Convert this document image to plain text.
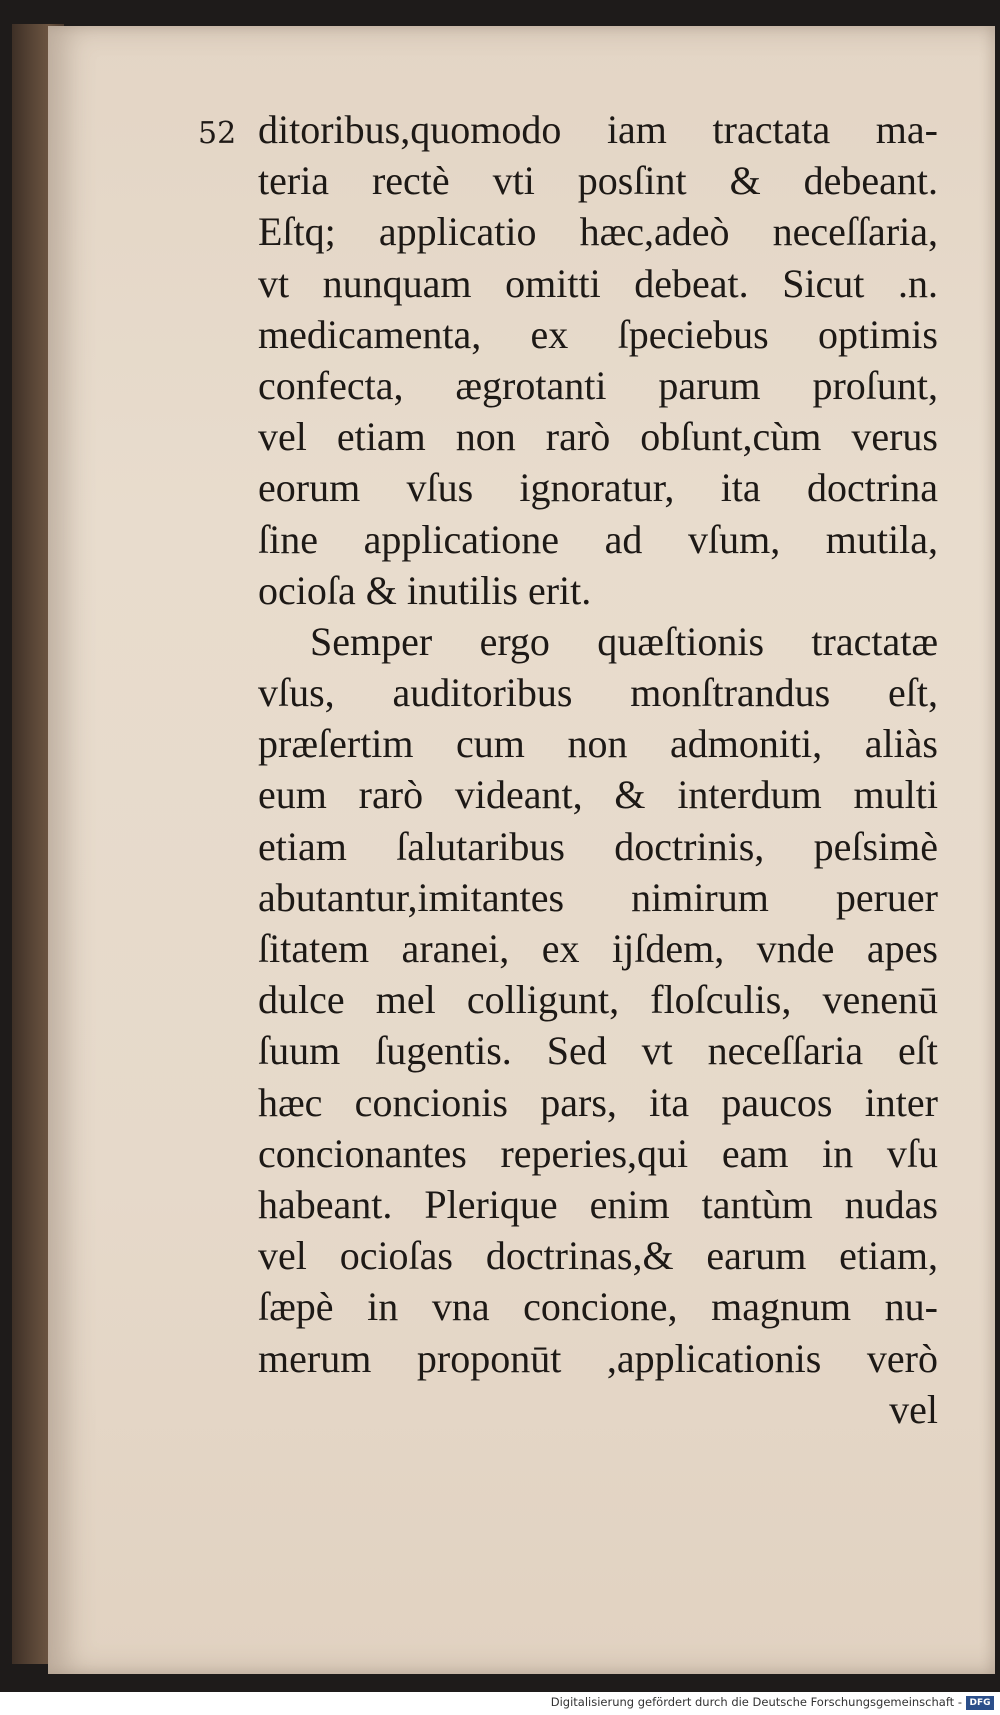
52 ditoribus,quomodo iam tractata ma-
teria rectè vti posſint & debeant.
Eſtq; applicatio hæc,adeò neceſſaria,
vt nunquam omitti debeat. Sicut .n.
medicamenta, ex ſpeciebus optimis
confecta, ægrotanti parum proſunt,
vel etiam non rarò obſunt,cùm verus
eorum vſus ignoratur, ita doctrina
ſine applicatione ad vſum, mutila,
ocioſa & inutilis erit.
Semper ergo quæſtionis tractatæ
vſus, auditoribus monſtrandus eſt,
præſertim cum non admoniti, aliàs
eum rarò videant, & interdum multi
etiam ſalutaribus doctrinis, peſsimè
abutantur,imitantes nimirum peruer
ſitatem aranei, ex ijſdem, vnde apes
dulce mel colligunt, floſculis, venenū
ſuum ſugentis. Sed vt neceſſaria eſt
hæc concionis pars, ita paucos inter
concionantes reperies,qui eam in vſu
habeant. Plerique enim tantùm nudas
vel ocioſas doctrinas,& earum etiam,
ſæpè in vna concione, magnum nu-
merum proponūt ,applicationis verò
vel
Digitalisierung gefördert durch die Deutsche Forschungsgemeinschaft - DFG
